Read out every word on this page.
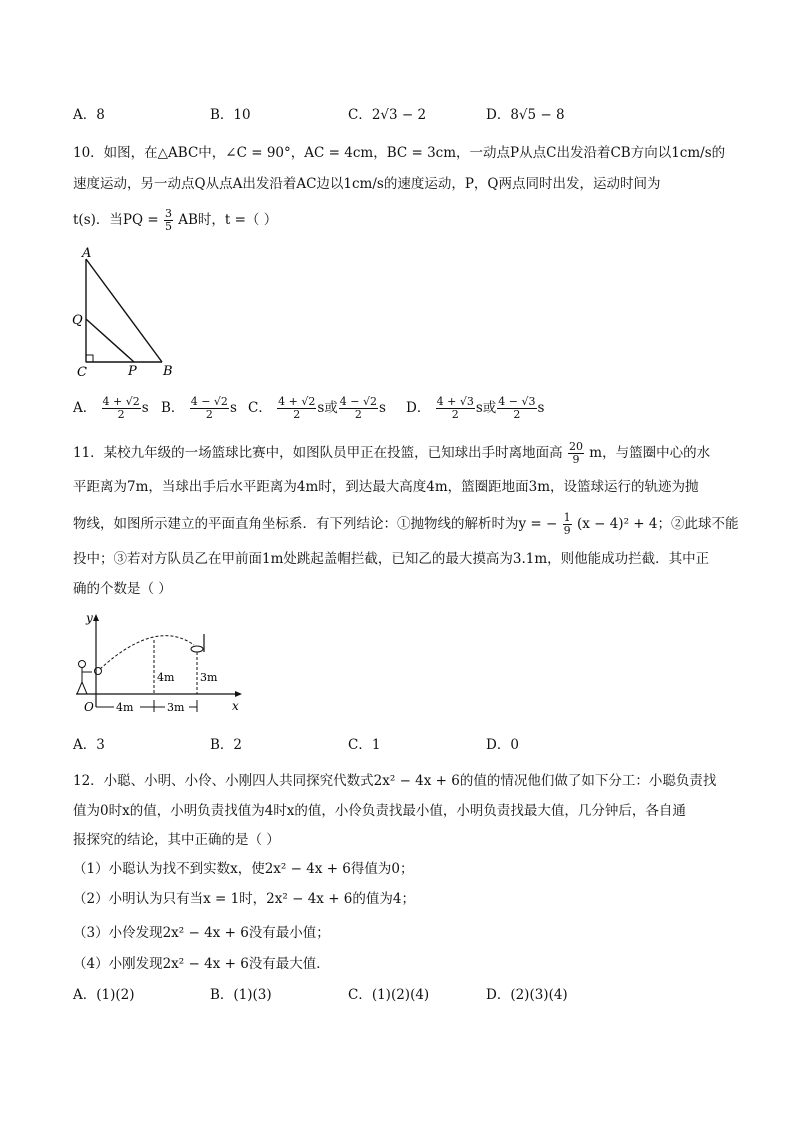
A．8	B．10	C．2√3 − 2	D．8√5 − 8
10．如图，在△ABC中，∠C = 90°，AC = 4cm，BC = 3cm，一动点P从点C出发沿着CB方向以1cm/s的
速度运动，另一动点Q从点A出发沿着AC边以1cm/s的速度运动，P，Q两点同时出发，运动时间为
t(s)．当PQ = $\frac{3}{5}$ AB时，t =（ ）
A
Q
C	P B
A． $\frac{4 + √2}{2}$ s B． $\frac{4 - √2}{2}$ s C． $\frac{4 + √2}{2}$ s或 $\frac{4 - √2}{2}$ s D． $\frac{4 + √3}{2}$ s或 $\frac{4 - √3}{2}$ s
11．某校九年级的一场篮球比赛中，如图队员甲正在投篮，已知球出手时离地面高 $\frac{20}{9}$ m，与篮圈中心的水
平距离为7m，当球出手后水平距离为4m时，到达最大高度4m，篮圈距地面3m，设篮球运行的轨迹为抛
物线，如图所示建立的平面直角坐标系．有下列结论：①抛物线的解析时为y = − $\frac{1}{9} (x - 4)^2 + 4$；②此球不能
投中；③若对方队员乙在甲前面1m处跳起盖帽拦截，已知乙的最大摸高为3.1m，则他能成功拦截．其中正
确的个数是（ ）
y
x
O 4m	3m
4m 3m
A．3	B．2	C．1	D．0
12．小聪、小明、小伶、小刚四人共同探究代数式2x² − 4x + 6的值的情况他们做了如下分工：小聪负责找
值为0时x的值，小明负责找值为4时x的值，小伶负责找最小值，小明负责找最大值，几分钟后，各自通
报探究的结论，其中正确的是（ ）
（1）小聪认为找不到实数x，使2x² − 4x + 6得值为0；
（2）小明认为只有当x = 1时，2x² − 4x + 6的值为4；
（3）小伶发现2x² − 4x + 6没有最小值；
（4）小刚发现2x² − 4x + 6没有最大值．
A．(1)(2)	B．(1)(3)	C．(1)(2)(4)	D．(2)(3)(4)
